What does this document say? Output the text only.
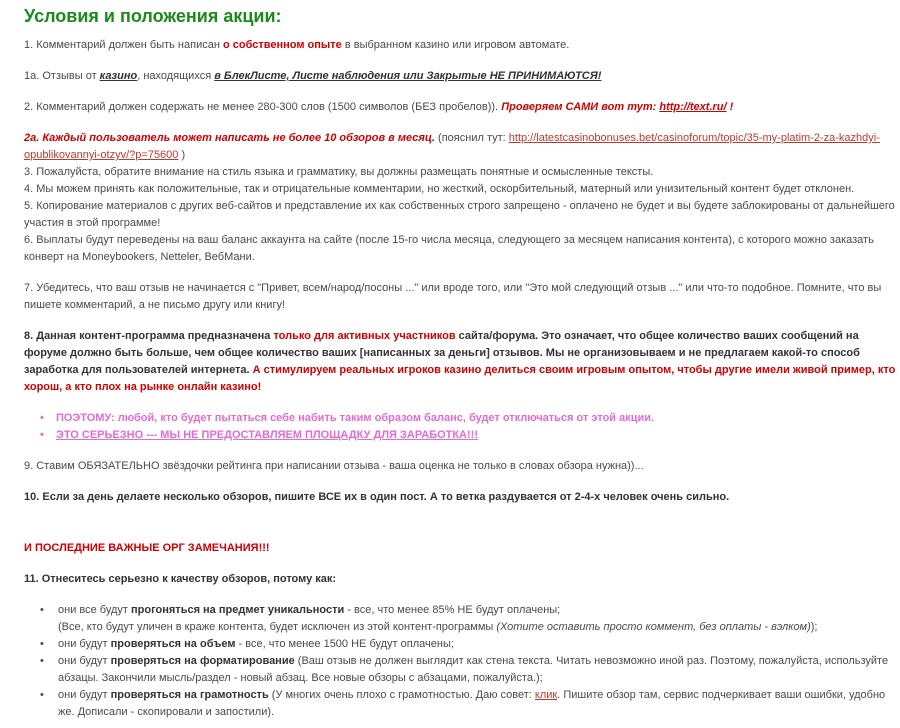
Условия и положения акции:

1. Комментарий должен быть написан о собственном опыте в выбранном казино или игровом автомате.

1а. Отзывы от казино, находящихся в БлекЛисте, Листе наблюдения или Закрытые НЕ ПРИНИМАЮТСЯ!

2. Комментарий должен содержать не менее 280-300 слов (1500 символов (БЕЗ пробелов)). Проверяем САМИ вот тут: http://text.ru/ !

2а. Каждый пользователь может написать не более 10 обзоров в месяц. (пояснил тут: http://latestcasinobonuses.bet/casinoforum/topic/35-my-platim-2-za-kazhdyi-opublikovannyi-otzyv/?p=75600 )

3. Пожалуйста, обратите внимание на стиль языка и грамматику, вы должны размещать понятные и осмысленные тексты.

4. Мы можем принять как положительные, так и отрицательные комментарии, но жесткий, оскорбительный, матерный или унизительный контент будет отклонен.

5. Копирование материалов с других веб-сайтов и представление их как собственных строго запрещено - оплачено не будет и вы будете заблокированы от дальнейшего участия в этой программе!

6. Выплаты будут переведены на ваш баланс аккаунта на сайте (после 15-го числа месяца, следующего за месяцем написания контента), с которого можно заказать конверт на Moneybookers, Netteler, ВебМани.

7. Убедитесь, что ваш отзыв не начинается с "Привет, всем/народ/посоны ..." или вроде того, или "Это мой следующий отзыв ..." или что-то подобное. Помните, что вы пишете комментарий, а не письмо другу или книгу!

8. Данная контент-программа предназначена только для активных участников сайта/форума. Это означает, что общее количество ваших сообщений на форуме должно быть больше, чем общее количество ваших [написанных за деньги] отзывов. Мы не организовываем и не предлагаем какой-то способ заработка для пользователей интернета. А стимулируем реальных игроков казино делиться своим игровым опытом, чтобы другие имели живой пример, кто хорош, а кто плох на рынке онлайн казино!

• ПОЭТОМУ: любой, кто будет пытаться себе набить таким образом баланс, будет отключаться от этой акции.
• ЭТО СЕРЬЕЗНО --- МЫ НЕ ПРЕДОСТАВЛЯЕМ ПЛОЩАДКУ ДЛЯ ЗАРАБОТКА!!!

9. Ставим ОБЯЗАТЕЛЬНО звёздочки рейтинга при написании отзыва - ваша оценка не только в словах обзора нужна))...

10. Если за день делаете несколько обзоров, пишите ВСЕ их в один пост. А то ветка раздувается от 2-4-х человек очень сильно.

И ПОСЛЕДНИЕ ВАЖНЫЕ ОРГ ЗАМЕЧАНИЯ!!!

11. Отнеситесь серьезно к качеству обзоров, потому как:

• они все будут прогоняться на предмет уникальности - все, что менее 85% НЕ будут оплачены;
(Все, кто будут уличен в краже контента, будет исключен из этой контент-программы (Хотите оставить просто коммент, без оплаты - вэлком));
• они будут проверяться на объем - все, что менее 1500 НЕ будут оплачены;
• они будут проверяться на форматирование (Ваш отзыв не должен выглядит как стена текста. Читать невозможно иной раз. Поэтому, пожалуйста, используйте абзацы. Закончили мысль/раздел - новый абзац. Все новые обзоры с абзацами, пожалуйста.);
• они будут проверяться на грамотность (У многих очень плохо с грамотностью. Даю совет: клик. Пишите обзор там, сервис подчеркивает ваши ошибки, удобно же. Дописали - скопировали и запостили).
